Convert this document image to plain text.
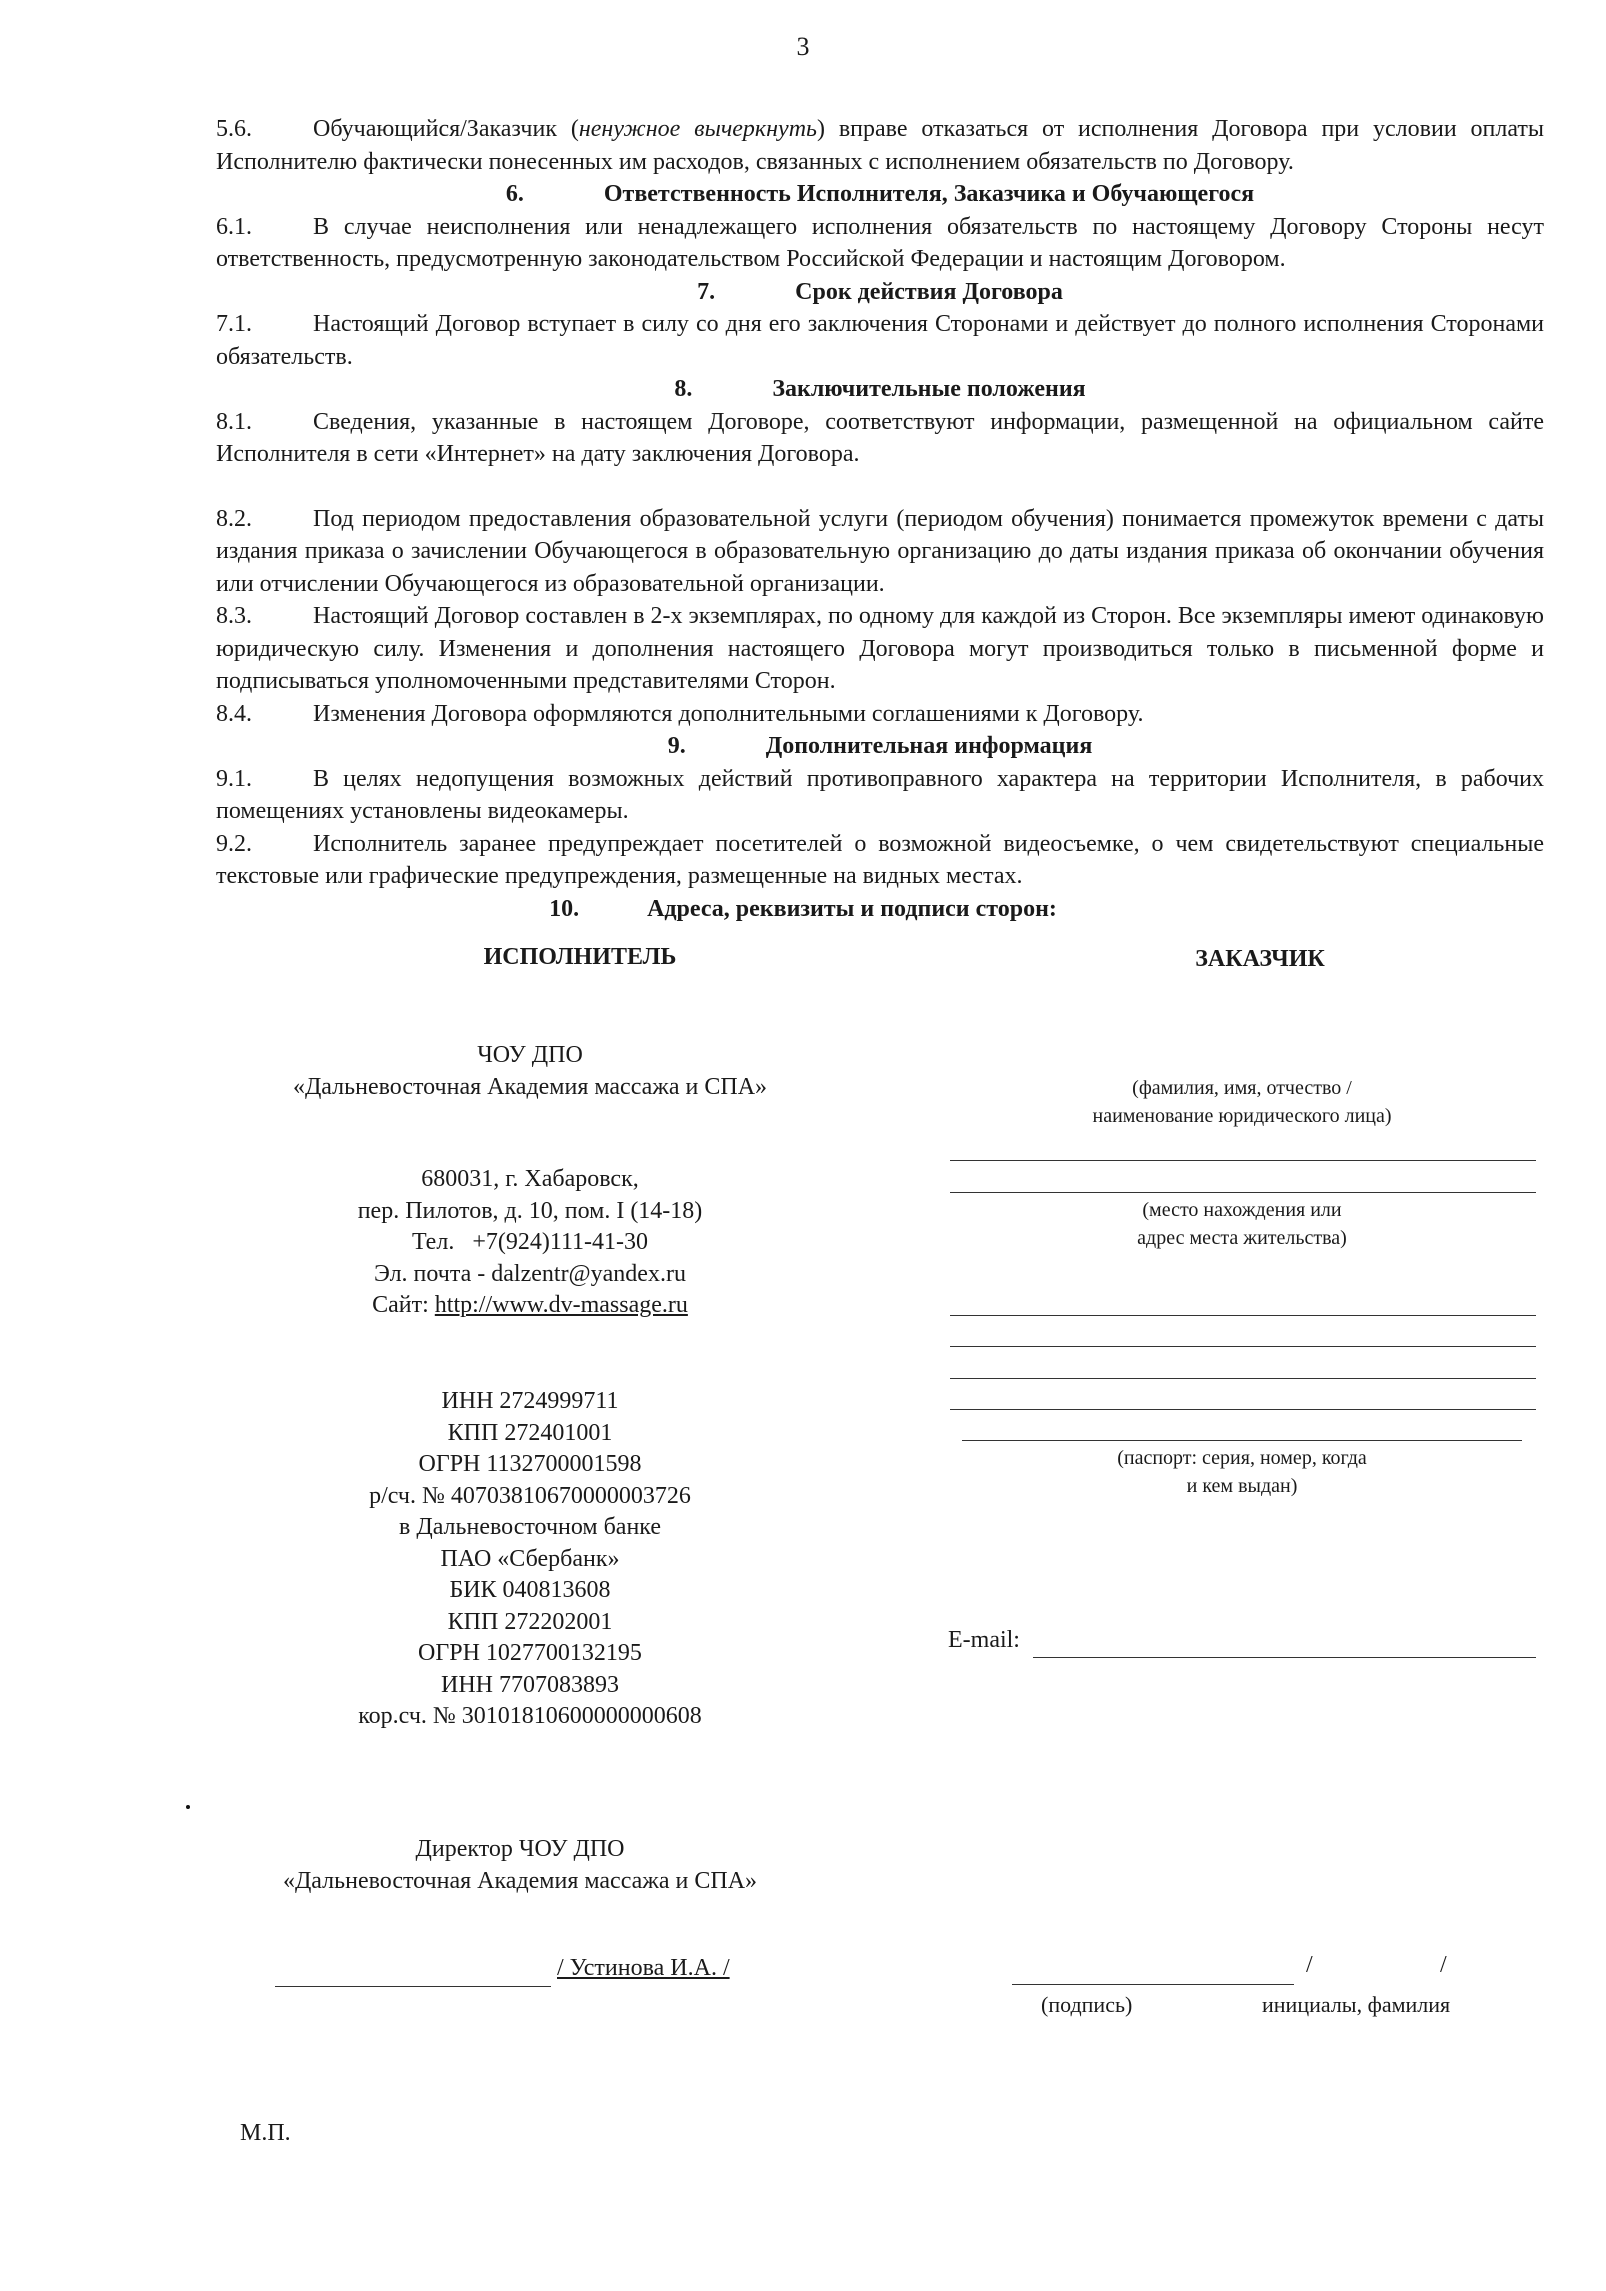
3

5.6.	Обучающийся/Заказчик (ненужное вычеркнуть) вправе отказаться от исполнения Договора при условии оплаты Исполнителю фактически понесенных им расходов, связанных с исполнением обязательств по Договору.

6.	Ответственность Исполнителя, Заказчика и Обучающегося

6.1.	В случае неисполнения или ненадлежащего исполнения обязательств по настоящему Договору Стороны несут ответственность, предусмотренную законодательством Российской Федерации и настоящим Договором.

7.	Срок действия Договора

7.1.	Настоящий Договор вступает в силу со дня его заключения Сторонами и действует до полного исполнения Сторонами обязательств.

8.	Заключительные положения

8.1.	Сведения, указанные в настоящем Договоре, соответствуют информации, размещенной на официальном сайте Исполнителя в сети «Интернет» на дату заключения Договора.

8.2.	Под периодом предоставления образовательной услуги (периодом обучения) понимается промежуток времени с даты издания приказа о зачислении Обучающегося в образовательную организацию до даты издания приказа об окончании обучения или отчислении Обучающегося из образовательной организации.

8.3.	Настоящий Договор составлен в 2-х экземплярах, по одному для каждой из Сторон. Все экземпляры имеют одинаковую юридическую силу. Изменения и дополнения настоящего Договора могут производиться только в письменной форме и подписываться уполномоченными представителями Сторон.

8.4.	Изменения Договора оформляются дополнительными соглашениями к Договору.

9.	Дополнительная информация

9.1.	В целях недопущения возможных действий противоправного характера на территории Исполнителя, в рабочих помещениях установлены видеокамеры.

9.2.	Исполнитель заранее предупреждает посетителей о возможной видеосъемке, о чем свидетельствуют специальные текстовые или графические предупреждения, размещенные на видных местах.

10.	Адреса, реквизиты и подписи сторон:
ИСПОЛНИТЕЛЬ	ЗАКАЗЧИК
ЧОУ ДПО
«Дальневосточная Академия массажа и СПА»
680031, г. Хабаровск,
пер. Пилотов, д. 10, пом. I (14-18)
Тел.   +7(924)111-41-30
Эл. почта - dalzentr@yandex.ru
Сайт: http://www.dv-massage.ru
ИНН 2724999711
КПП 272401001
ОГРН 1132700001598
р/сч. № 40703810670000003726
в Дальневосточном банке
ПАО «Сбербанк»
БИК 040813608
КПП 272202001
ОГРН 1027700132195
ИНН 7707083893
кор.сч. № 30101810600000000608
Директор ЧОУ ДПО
«Дальневосточная Академия массажа и СПА»
/ Устинова И.А. /
М.П.
(фамилия, имя, отчество /
наименование юридического лица)
(место нахождения или
адрес места жительства)
(паспорт: серия, номер, когда
и кем выдан)
E-mail:
/	/
(подпись)	инициалы, фамилия
